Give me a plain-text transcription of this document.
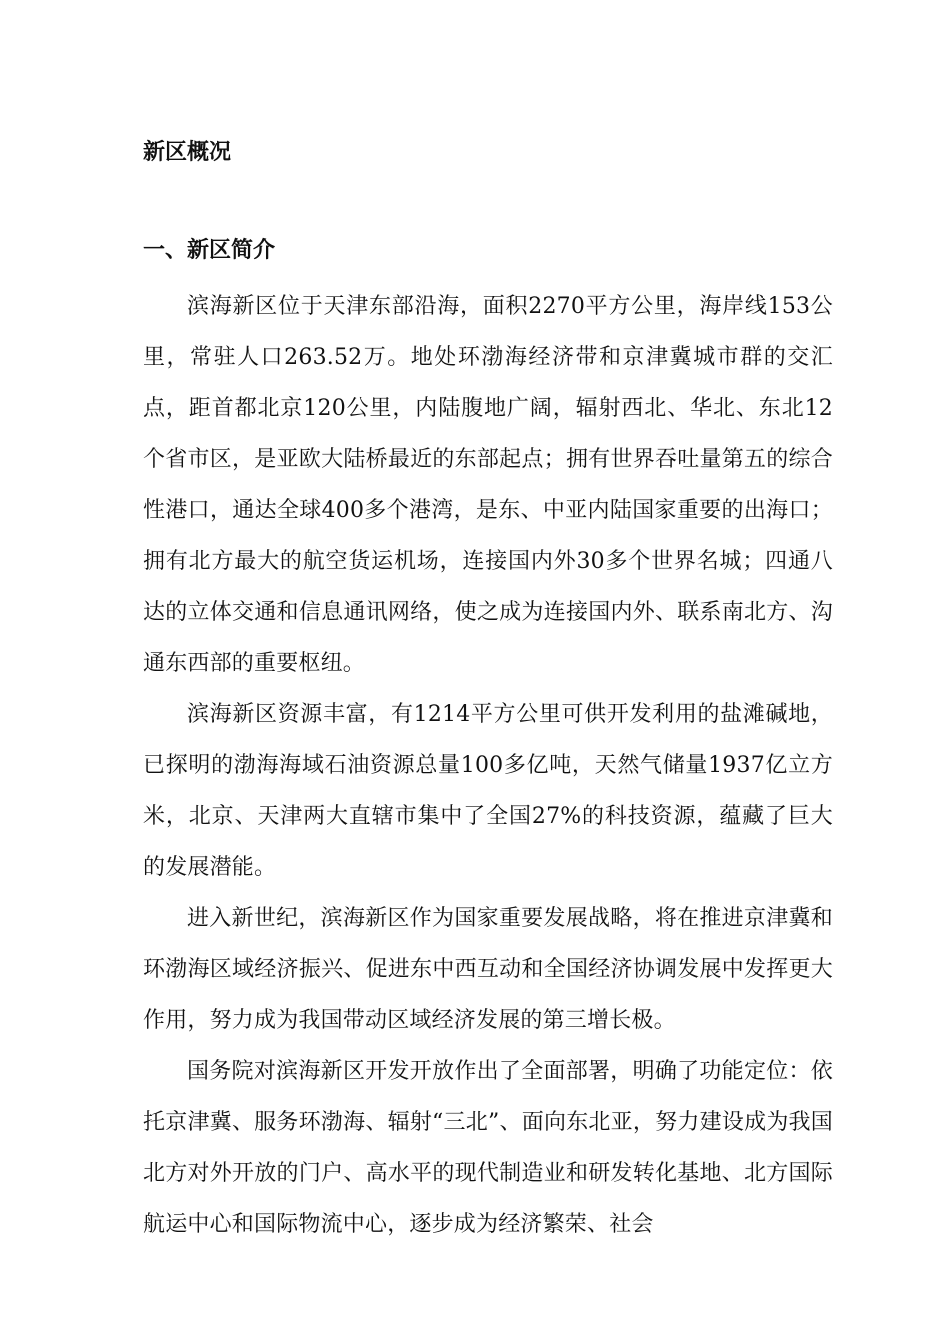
新区概况
一、新区简介

滨海新区位于天津东部沿海，面积2270平方公里，海岸线153公里，常驻人口263.52万。地处环渤海经济带和京津冀城市群的交汇点，距首都北京120公里，内陆腹地广阔，辐射西北、华北、东北12个省市区，是亚欧大陆桥最近的东部起点；拥有世界吞吐量第五的综合性港口，通达全球400多个港湾，是东、中亚内陆国家重要的出海口；拥有北方最大的航空货运机场，连接国内外30多个世界名城；四通八达的立体交通和信息通讯网络，使之成为连接国内外、联系南北方、沟通东西部的重要枢纽。

滨海新区资源丰富，有1214平方公里可供开发利用的盐滩碱地，已探明的渤海海域石油资源总量100多亿吨，天然气储量1937亿立方米，北京、天津两大直辖市集中了全国27%的科技资源，蕴藏了巨大的发展潜能。

进入新世纪，滨海新区作为国家重要发展战略，将在推进京津冀和环渤海区域经济振兴、促进东中西互动和全国经济协调发展中发挥更大作用，努力成为我国带动区域经济发展的第三增长极。

国务院对滨海新区开发开放作出了全面部署，明确了功能定位：依托京津冀、服务环渤海、辐射“三北”、面向东北亚，努力建设成为我国北方对外开放的门户、高水平的现代制造业和研发转化基地、北方国际航运中心和国际物流中心，逐步成为经济繁荣、社会
